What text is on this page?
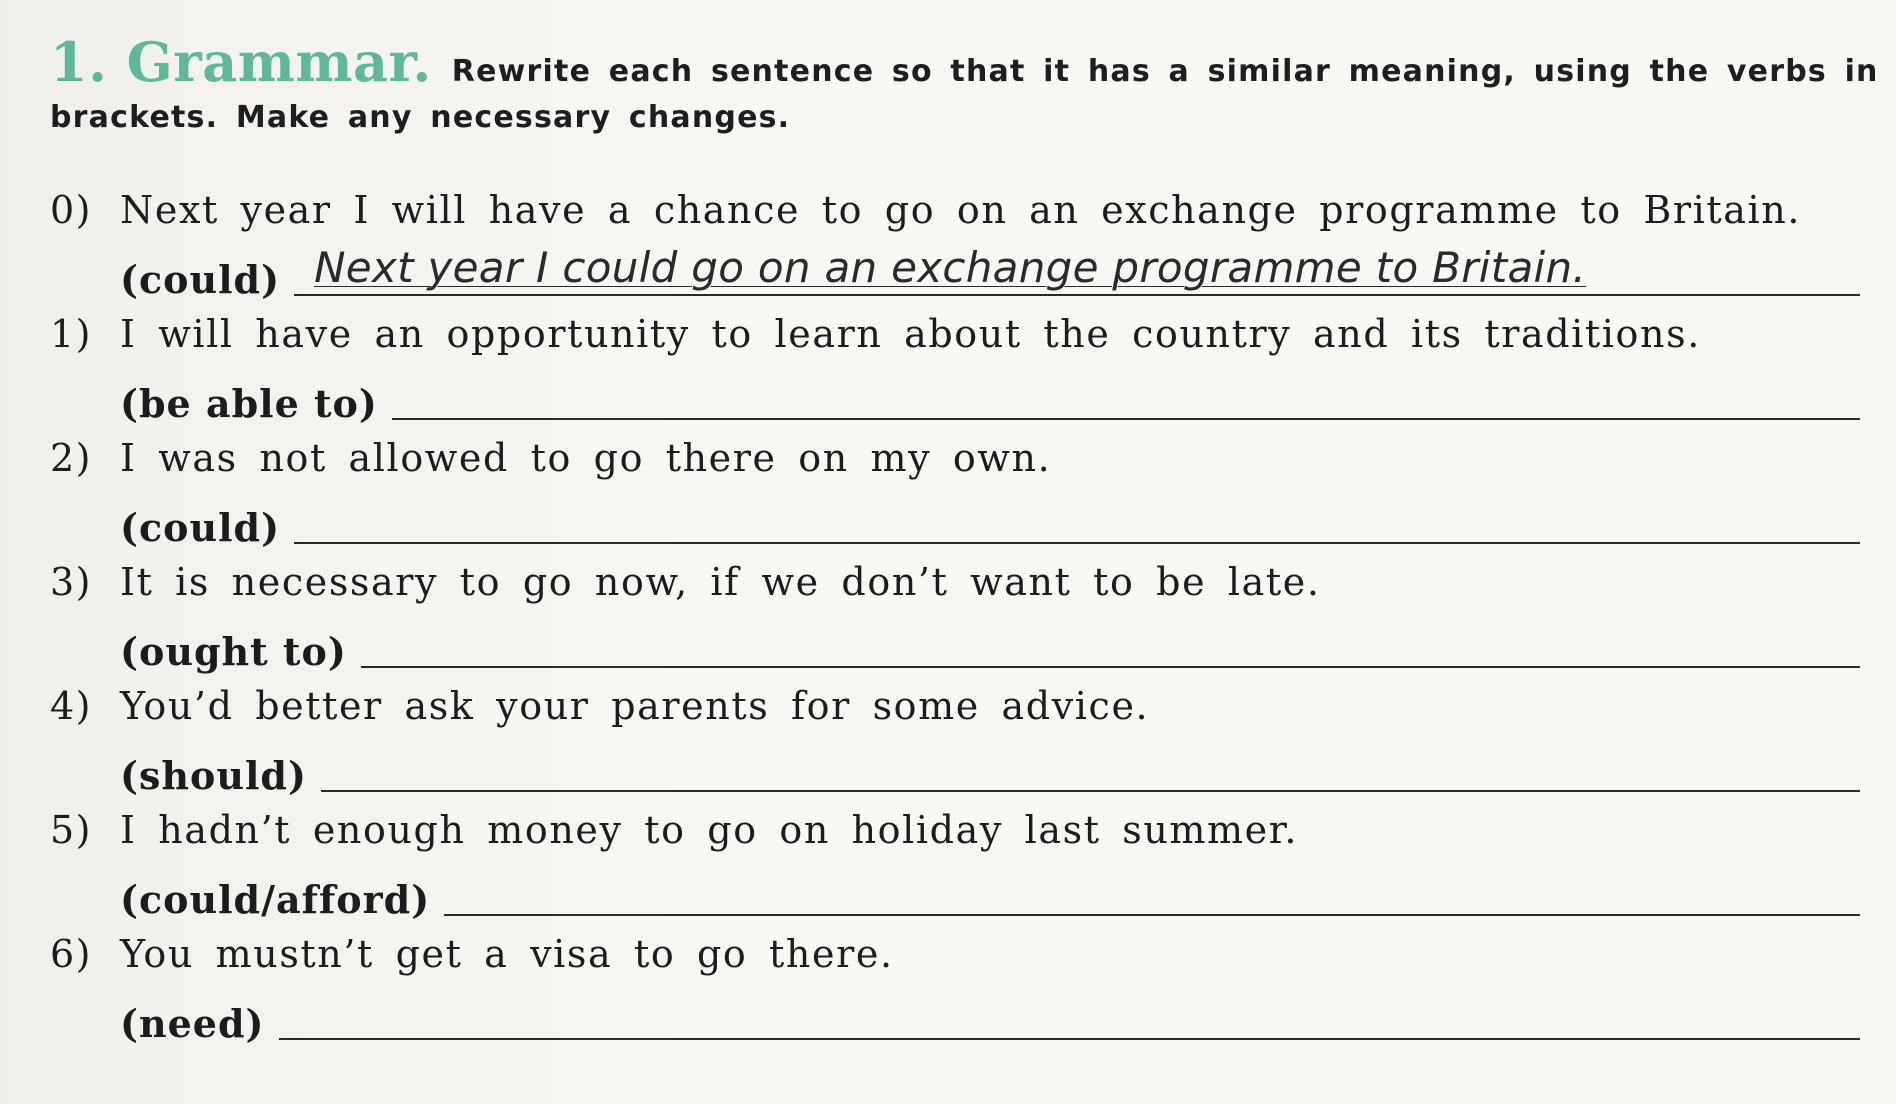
1. Grammar. Rewrite each sentence so that it has a similar meaning, using the verbs in
brackets. Make any necessary changes.
0) Next year I will have a chance to go on an exchange programme to Britain.
(could) Next year I could go on an exchange programme to Britain.
1) I will have an opportunity to learn about the country and its traditions.
(be able to)
2) I was not allowed to go there on my own.
(could)
3) It is necessary to go now, if we don’t want to be late.
(ought to)
4) You’d better ask your parents for some advice.
(should)
5) I hadn’t enough money to go on holiday last summer.
(could/afford)
6) You mustn’t get a visa to go there.
(need)
